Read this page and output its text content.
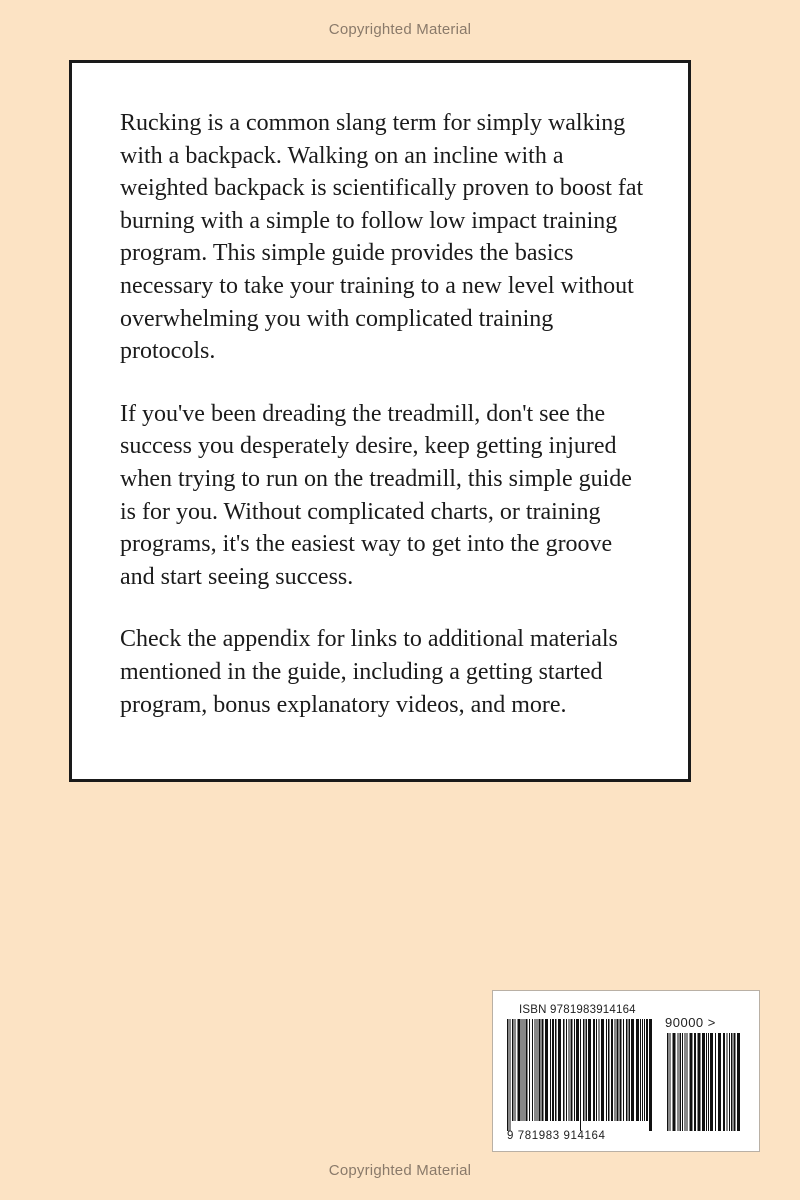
Copyrighted Material

Rucking is a common slang term for simply walking with a backpack. Walking on an incline with a weighted backpack is scientifically proven to boost fat burning with a simple to follow low impact training program. This simple guide provides the basics necessary to take your training to a new level without overwhelming you with complicated training protocols.

If you've been dreading the treadmill, don't see the success you desperately desire, keep getting injured when trying to run on the treadmill, this simple guide is for you. Without complicated charts, or training programs, it's the easiest way to get into the groove and start seeing success.

Check the appendix for links to additional materials mentioned in the guide, including a getting started program, bonus explanatory videos, and more.

ISBN 9781983914164
90000 >
9 781983 914164
Copyrighted Material
